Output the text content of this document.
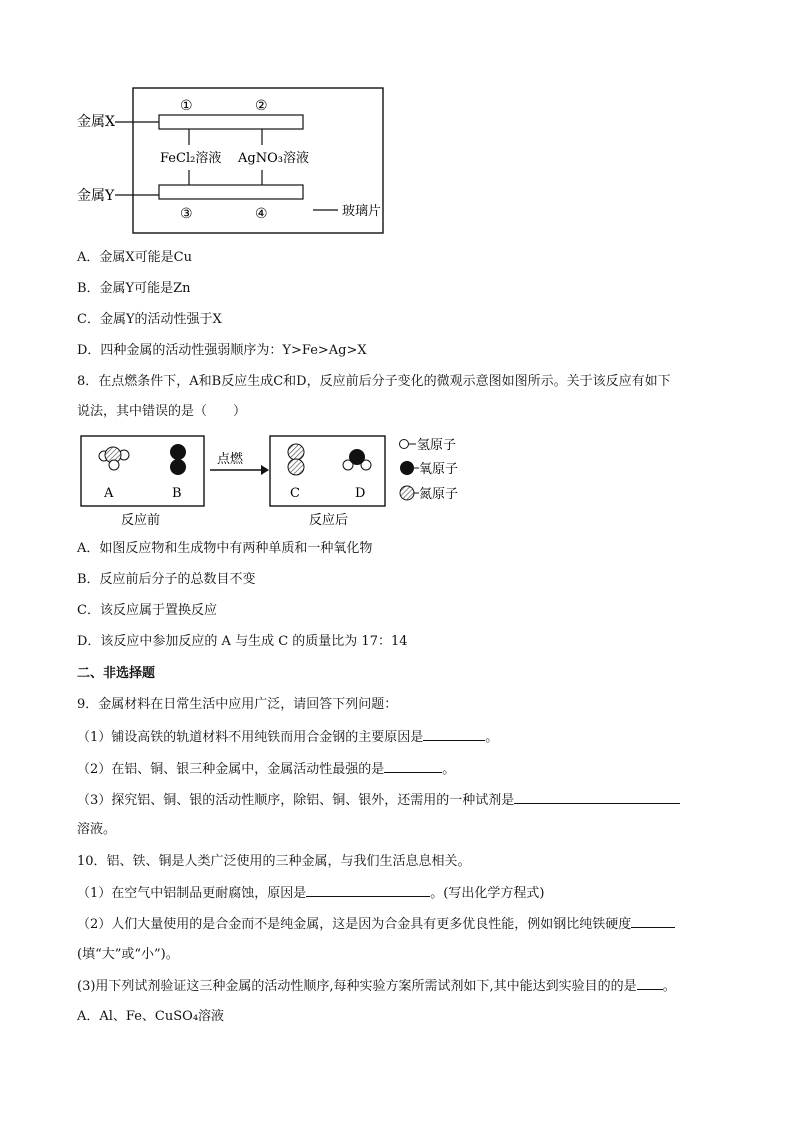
金属X
金属Y
①	②
③	④
FeCl₂溶液 AgNO₃溶液
玻璃片
A．金属X可能是Cu
B．金属Y可能是Zn
C．金属Y的活动性强于X
D．四种金属的活动性强弱顺序为：Y>Fe>Ag>X
8．在点燃条件下，A和B反应生成C和D，反应前后分子变化的微观示意图如图所示。关于该反应有如下
说法，其中错误的是（　　）
A	B
点燃
C	D
反应前	反应后
氢原子
氧原子
氮原子
A．如图反应物和生成物中有两种单质和一种氧化物
B．反应前后分子的总数目不变
C．该反应属于置换反应
D．该反应中参加反应的 A 与生成 C 的质量比为 17：14
二、非选择题
9．金属材料在日常生活中应用广泛，请回答下列问题：
（1）铺设高铁的轨道材料不用纯铁而用合金钢的主要原因是	。
（2）在铝、铜、银三种金属中，金属活动性最强的是	。
（3）探究铝、铜、银的活动性顺序，除铝、铜、银外，还需用的一种试剂是
溶液。
10．铝、铁、铜是人类广泛使用的三种金属，与我们生活息息相关。
（1）在空气中铝制品更耐腐蚀，原因是	。(写出化学方程式)
（2）人们大量使用的是合金而不是纯金属，这是因为合金具有更多优良性能，例如钢比纯铁硬度
(填“大”或“小”)。
(3)用下列试剂验证这三种金属的活动性顺序,每种实验方案所需试剂如下,其中能达到实验目的的是 。
A．Al、Fe、CuSO₄溶液
